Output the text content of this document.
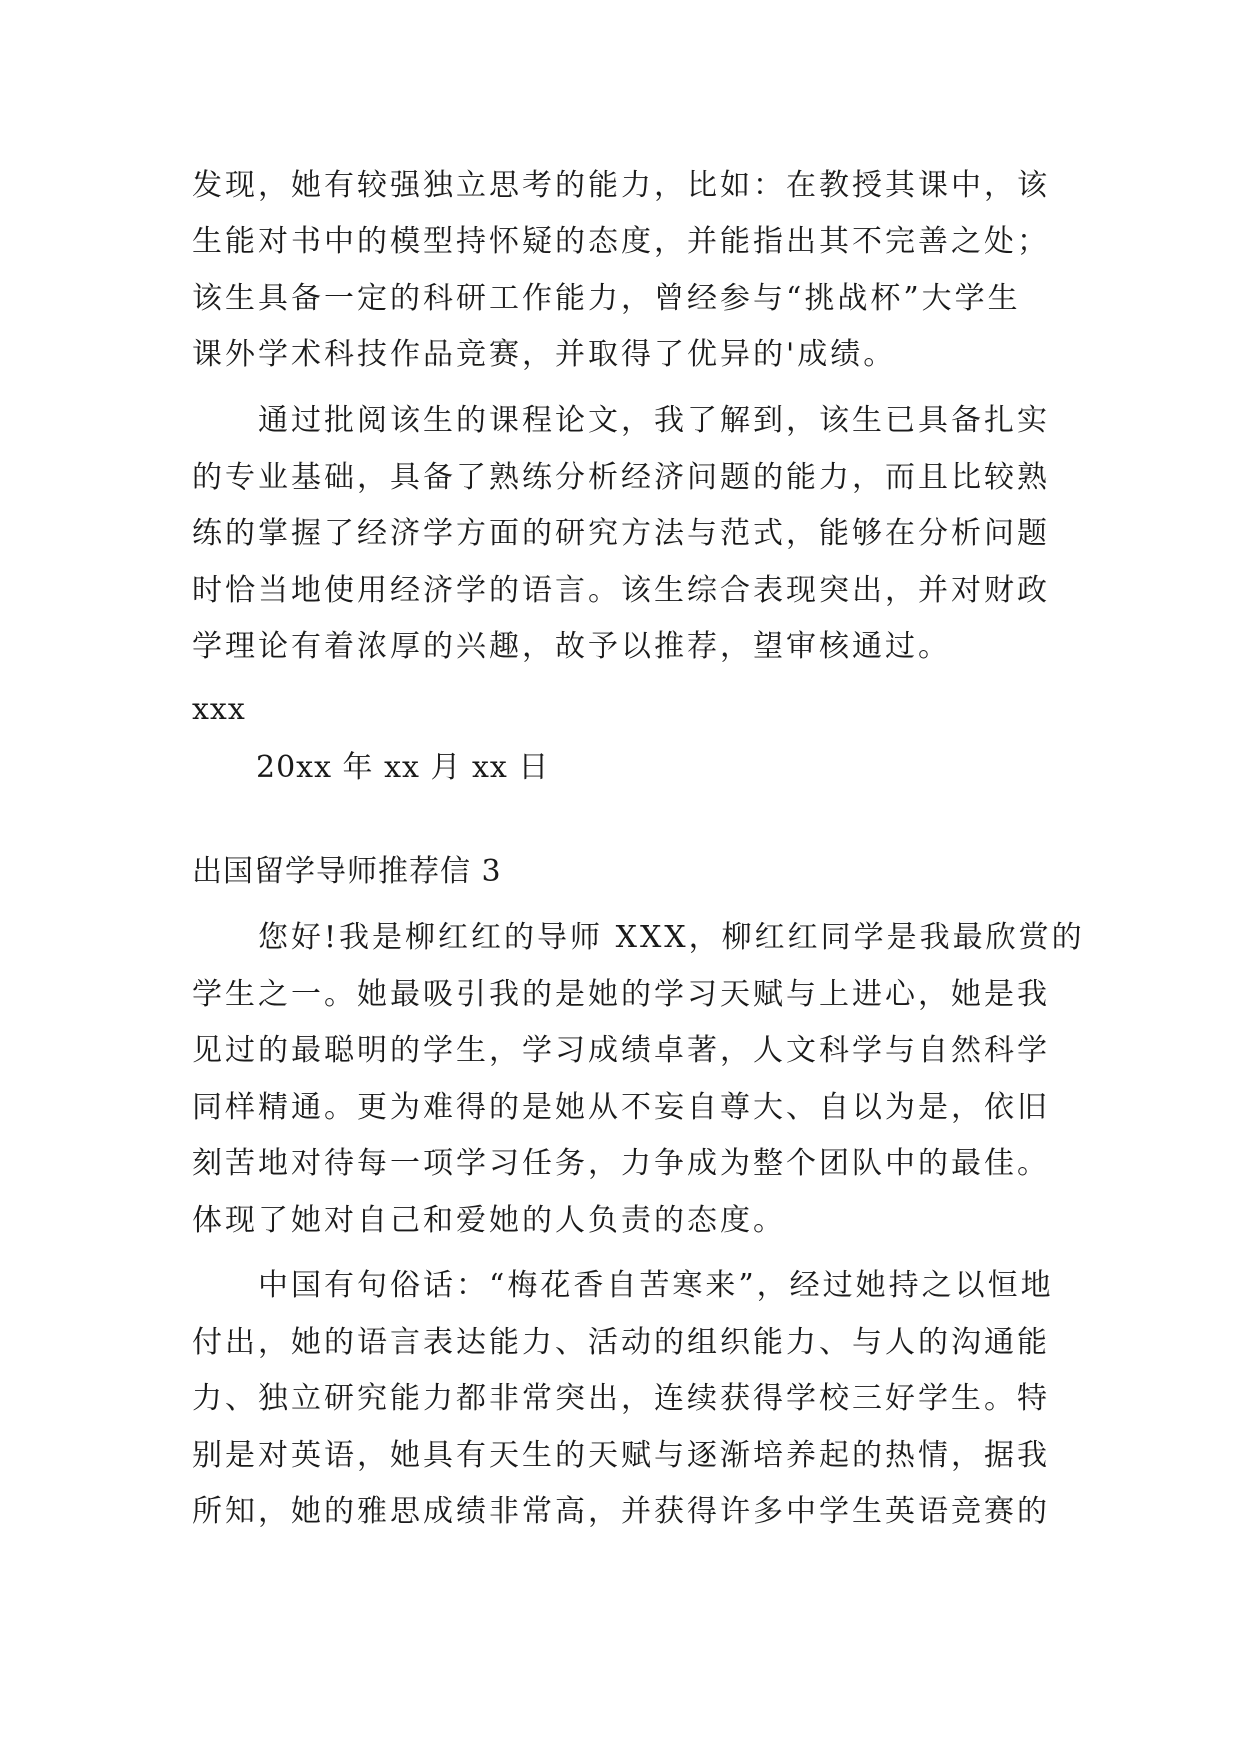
发现，她有较强独立思考的能力，比如：在教授其课中，该
生能对书中的模型持怀疑的态度，并能指出其不完善之处；
该生具备一定的科研工作能力，曾经参与“挑战杯”大学生
课外学术科技作品竞赛，并取得了优异的'成绩。
通过批阅该生的课程论文，我了解到，该生已具备扎实
的专业基础，具备了熟练分析经济问题的能力，而且比较熟
练的掌握了经济学方面的研究方法与范式，能够在分析问题
时恰当地使用经济学的语言。该生综合表现突出，并对财政
学理论有着浓厚的兴趣，故予以推荐，望审核通过。
xxx
20xx 年 xx 月 xx 日
出国留学导师推荐信 3
您好!我是柳红红的导师 XXX，柳红红同学是我最欣赏的
学生之一。她最吸引我的是她的学习天赋与上进心，她是我
见过的最聪明的学生，学习成绩卓著，人文科学与自然科学
同样精通。更为难得的是她从不妄自尊大、自以为是，依旧
刻苦地对待每一项学习任务，力争成为整个团队中的最佳。
体现了她对自己和爱她的人负责的态度。
中国有句俗话：“梅花香自苦寒来”，经过她持之以恒地
付出，她的语言表达能力、活动的组织能力、与人的沟通能
力、独立研究能力都非常突出，连续获得学校三好学生。特
别是对英语，她具有天生的天赋与逐渐培养起的热情，据我
所知，她的雅思成绩非常高，并获得许多中学生英语竞赛的
